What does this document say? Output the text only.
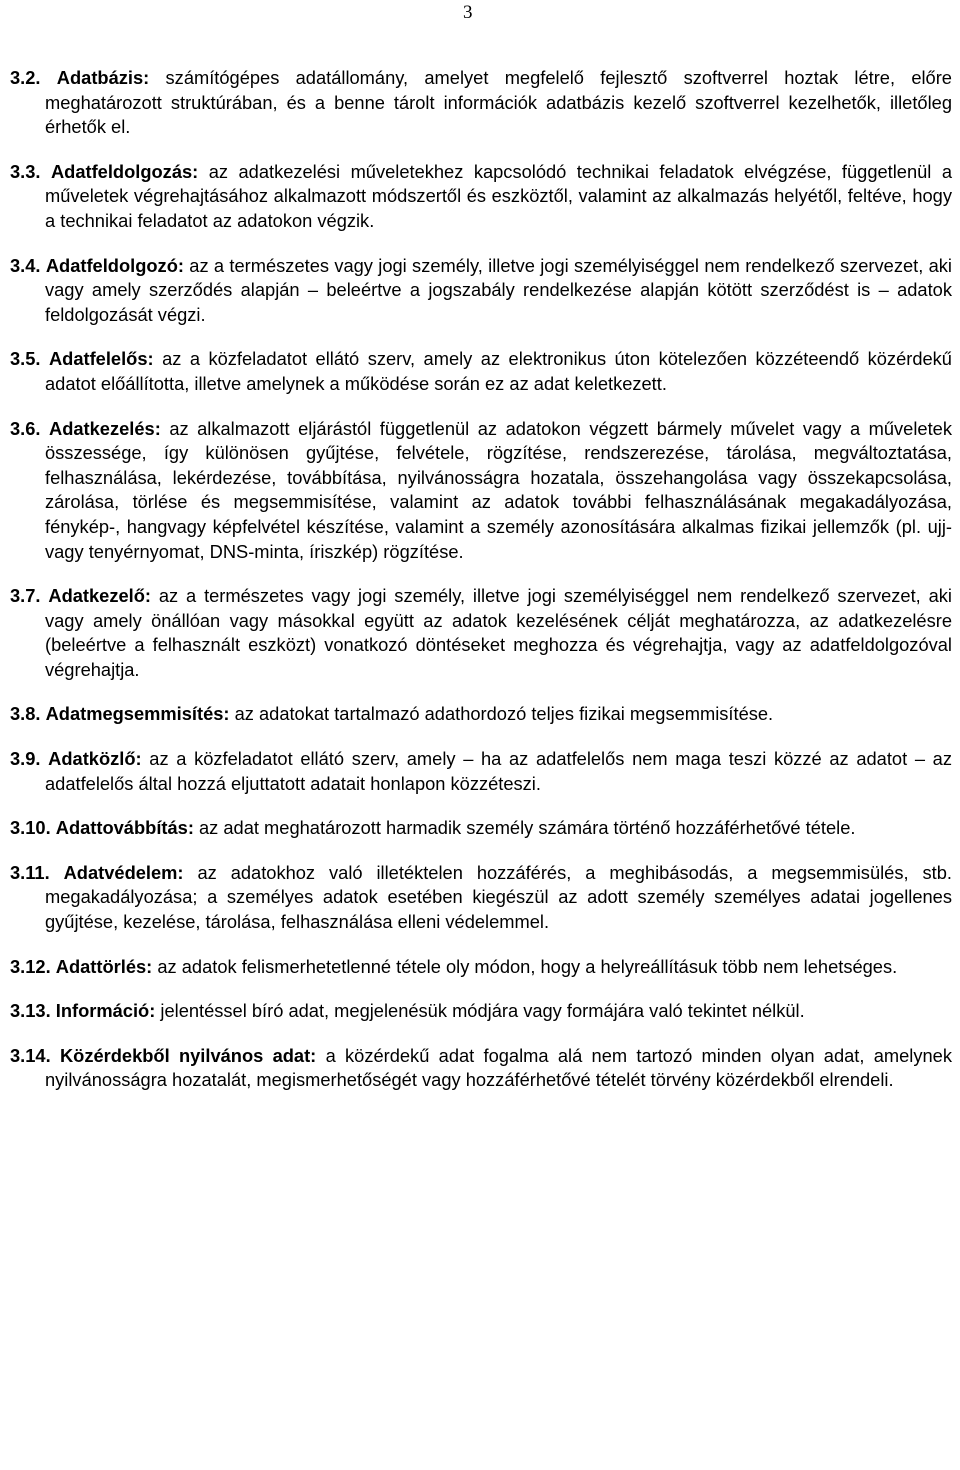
3

3.2. Adatbázis: számítógépes adatállomány, amelyet megfelelő fejlesztő szoftverrel hoztak létre, előre meghatározott struktúrában, és a benne tárolt információk adatbázis kezelő szoftverrel kezelhetők, illetőleg érhetők el.

3.3. Adatfeldolgozás: az adatkezelési műveletekhez kapcsolódó technikai feladatok elvégzése, függetlenül a műveletek végrehajtásához alkalmazott módszertől és eszköztől, valamint az alkalmazás helyétől, feltéve, hogy a technikai feladatot az adatokon végzik.

3.4. Adatfeldolgozó: az a természetes vagy jogi személy, illetve jogi személyiséggel nem rendelkező szervezet, aki vagy amely szerződés alapján – beleértve a jogszabály rendelkezése alapján kötött szerződést is – adatok feldolgozását végzi.

3.5. Adatfelelős: az a közfeladatot ellátó szerv, amely az elektronikus úton kötelezően közzéteendő közérdekű adatot előállította, illetve amelynek a működése során ez az adat keletkezett.

3.6. Adatkezelés: az alkalmazott eljárástól függetlenül az adatokon végzett bármely művelet vagy a műveletek összessége, így különösen gyűjtése, felvétele, rögzítése, rendszerezése, tárolása, megváltoztatása, felhasználása, lekérdezése, továbbítása, nyilvánosságra hozatala, összehangolása vagy összekapcsolása, zárolása, törlése és megsemmisítése, valamint az adatok további felhasználásának megakadályozása, fénykép-, hangvagy képfelvétel készítése, valamint a személy azonosítására alkalmas fizikai jellemzők (pl. ujj- vagy tenyérnyomat, DNS-minta, íriszkép) rögzítése.

3.7. Adatkezelő: az a természetes vagy jogi személy, illetve jogi személyiséggel nem rendelkező szervezet, aki vagy amely önállóan vagy másokkal együtt az adatok kezelésének célját meghatározza, az adatkezelésre (beleértve a felhasznált eszközt) vonatkozó döntéseket meghozza és végrehajtja, vagy az adatfeldolgozóval végrehajtja.

3.8. Adatmegsemmisítés: az adatokat tartalmazó adathordozó teljes fizikai megsemmisítése.

3.9. Adatközlő: az a közfeladatot ellátó szerv, amely – ha az adatfelelős nem maga teszi közzé az adatot – az adatfelelős által hozzá eljuttatott adatait honlapon közzéteszi.

3.10. Adattovábbítás: az adat meghatározott harmadik személy számára történő hozzáférhetővé tétele.

3.11. Adatvédelem: az adatokhoz való illetéktelen hozzáférés, a meghibásodás, a megsemmisülés, stb. megakadályozása; a személyes adatok esetében kiegészül az adott személy személyes adatai jogellenes gyűjtése, kezelése, tárolása, felhasználása elleni védelemmel.

3.12. Adattörlés: az adatok felismerhetetlenné tétele oly módon, hogy a helyreállításuk több nem lehetséges.

3.13. Információ: jelentéssel bíró adat, megjelenésük módjára vagy formájára való tekintet nélkül.

3.14. Közérdekből nyilvános adat: a közérdekű adat fogalma alá nem tartozó minden olyan adat, amelynek nyilvánosságra hozatalát, megismerhetőségét vagy hozzáférhetővé tételét törvény közérdekből elrendeli.
